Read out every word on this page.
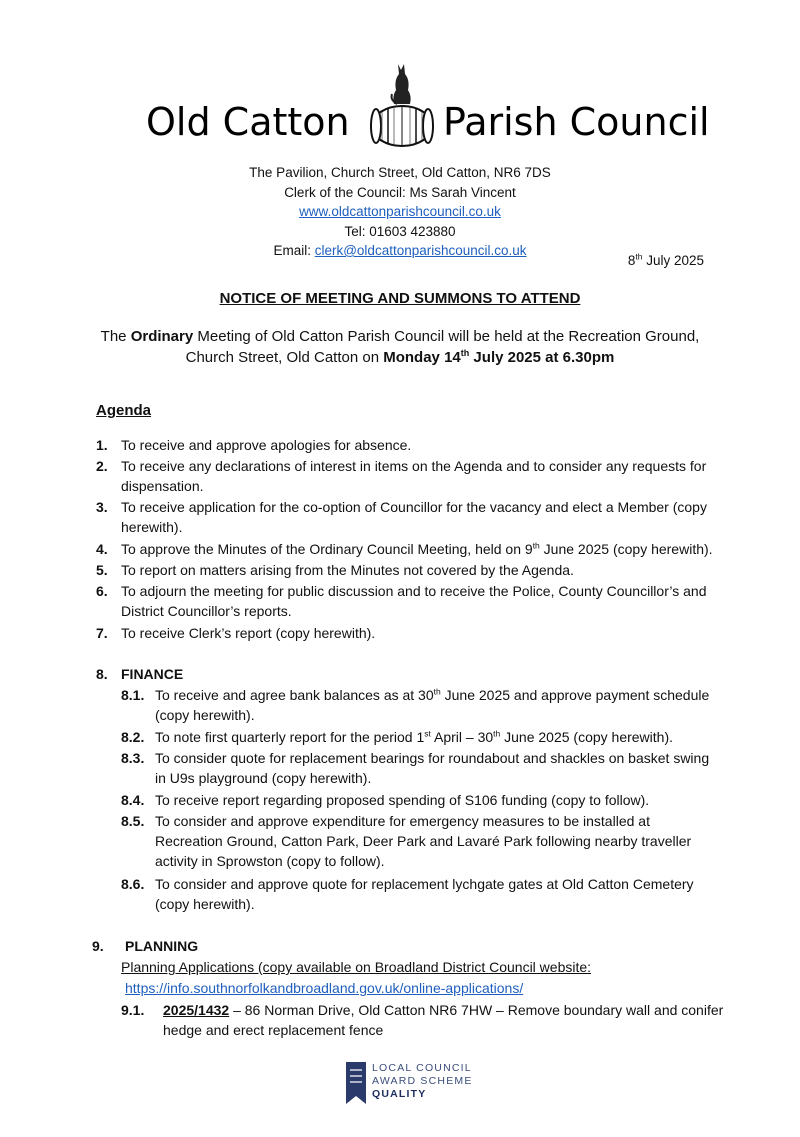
Old Catton Parish Council
The Pavilion, Church Street, Old Catton, NR6 7DS
Clerk of the Council: Ms Sarah Vincent
www.oldcattonparishcouncil.co.uk
Tel: 01603 423880
Email: clerk@oldcattonparishcouncil.co.uk
8th July 2025
NOTICE OF MEETING AND SUMMONS TO ATTEND
The Ordinary Meeting of Old Catton Parish Council will be held at the Recreation Ground,
Church Street, Old Catton on Monday 14th July 2025 at 6.30pm
Agenda
1. To receive and approve apologies for absence.
2. To receive any declarations of interest in items on the Agenda and to consider any requests for
dispensation.
3. To receive application for the co-option of Councillor for the vacancy and elect a Member (copy
herewith).
4. To approve the Minutes of the Ordinary Council Meeting, held on 9th June 2025 (copy herewith).
5. To report on matters arising from the Minutes not covered by the Agenda.
6. To adjourn the meeting for public discussion and to receive the Police, County Councillor’s and
District Councillor’s reports.
7. To receive Clerk’s report (copy herewith).
8. FINANCE
8.1. To receive and agree bank balances as at 30th June 2025 and approve payment schedule
(copy herewith).
8.2. To note first quarterly report for the period 1st April – 30th June 2025 (copy herewith).
8.3. To consider quote for replacement bearings for roundabout and shackles on basket swing
in U9s playground (copy herewith).
8.4. To receive report regarding proposed spending of S106 funding (copy to follow).
8.5. To consider and approve expenditure for emergency measures to be installed at
Recreation Ground, Catton Park, Deer Park and Lavaré Park following nearby traveller
activity in Sprowston (copy to follow).
8.6. To consider and approve quote for replacement lychgate gates at Old Catton Cemetery
(copy herewith).
9. PLANNING
Planning Applications (copy available on Broadland District Council website:
https://info.southnorfolkandbroadland.gov.uk/online-applications/
9.1. 2025/1432 – 86 Norman Drive, Old Catton NR6 7HW – Remove boundary wall and conifer
hedge and erect replacement fence
LOCAL COUNCIL
AWARD SCHEME
QUALITY
